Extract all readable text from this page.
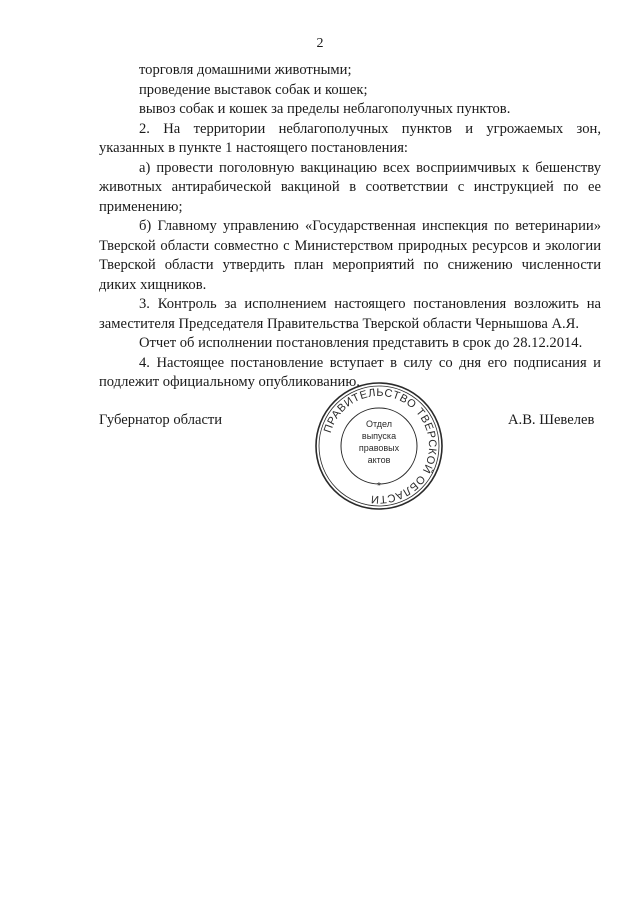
2

торговля домашними животными;

проведение выставок собак и кошек;

вывоз собак и кошек за пределы неблагополучных пунктов.

2. На территории неблагополучных пунктов и угрожаемых зон, указанных в пункте 1 настоящего постановления:

а) провести поголовную вакцинацию всех восприимчивых к бешенству животных антирабической вакциной в соответствии с инструкцией по ее применению;

б) Главному управлению «Государственная инспекция по ветеринарии» Тверской области совместно с Министерством природных ресурсов и экологии Тверской области утвердить план мероприятий по снижению численности диких хищников.

3. Контроль за исполнением настоящего постановления возложить на заместителя Председателя Правительства Тверской области Чернышова А.Я.

Отчет об исполнении постановления представить в срок до 28.12.2014.

4. Настоящее постановление вступает в силу со дня его подписания и подлежит официальному опубликованию.

Губернатор области
ПРАВИТЕЛЬСТВО ТВЕРСКОЙ ОБЛАСТИ
Отдел
выпуска
правовых
актов
*
А.В. Шевелев
